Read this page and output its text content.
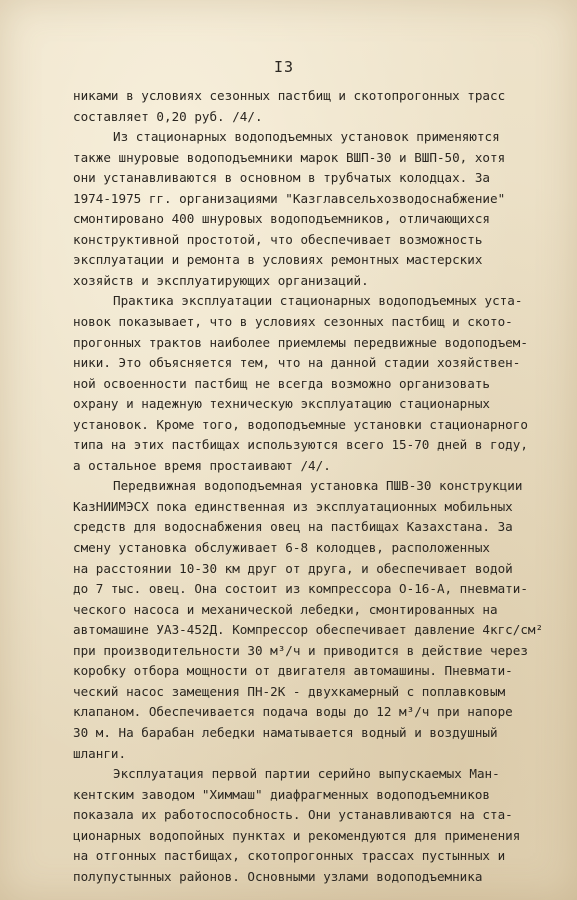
I3
никами в условиях сезонных пастбищ и скотопрогонных трасс
составляет 0,20 руб. /4/.
Из стационарных водоподъемных установок применяются
также шнуровые водоподъемники марок ВШП-30 и ВШП-50, хотя
они устанавливаются в основном в трубчатых колодцах. За
1974-1975 гг. организациями "Казглавсельхозводоснабжение"
смонтировано 400 шнуровых водоподъемников, отличающихся
конструктивной простотой, что обеспечивает возможность
эксплуатации и ремонта в условиях ремонтных мастерских
хозяйств и эксплуатирующих организаций.
Практика эксплуатации стационарных водоподъемных уста-
новок показывает, что в условиях сезонных пастбищ и ското-
прогонных трактов наиболее приемлемы передвижные водоподъем-
ники. Это объясняется тем, что на данной стадии хозяйствен-
ной освоенности пастбищ не всегда возможно организовать
охрану и надежную техническую эксплуатацию стационарных
установок. Кроме того, водоподъемные установки стационарного
типа на этих пастбищах используются всего 15-70 дней в году,
а остальное время простаивают /4/.
Передвижная водоподъемная установка ПШВ-30 конструкции
КазНИИМЭСХ пока единственная из эксплуатационных мобильных
средств для водоснабжения овец на пастбищах Казахстана. За
смену установка обслуживает 6-8 колодцев, расположенных
на расстоянии 10-30 км друг от друга, и обеспечивает водой
до 7 тыс. овец. Она состоит из компрессора О-16-А, пневмати-
ческого насоса и механической лебедки, смонтированных на
автомашине УАЗ-452Д. Компрессор обеспечивает давление 4кгс/см²
при производительности 30 м³/ч и приводится в действие через
коробку отбора мощности от двигателя автомашины. Пневмати-
ческий насос замещения ПН-2К - двухкамерный с поплавковым
клапаном. Обеспечивается подача воды до 12 м³/ч при напоре
30 м. На барабан лебедки наматывается водный и воздушный
шланги.
Эксплуатация первой партии серийно выпускаемых Ман-
кентским заводом "Химмаш" диафрагменных водоподъемников
показала их работоспособность. Они устанавливаются на ста-
ционарных водопойных пунктах и рекомендуются для применения
на отгонных пастбищах, скотопрогонных трассах пустынных и
полупустынных районов. Основными узлами водоподъемника
